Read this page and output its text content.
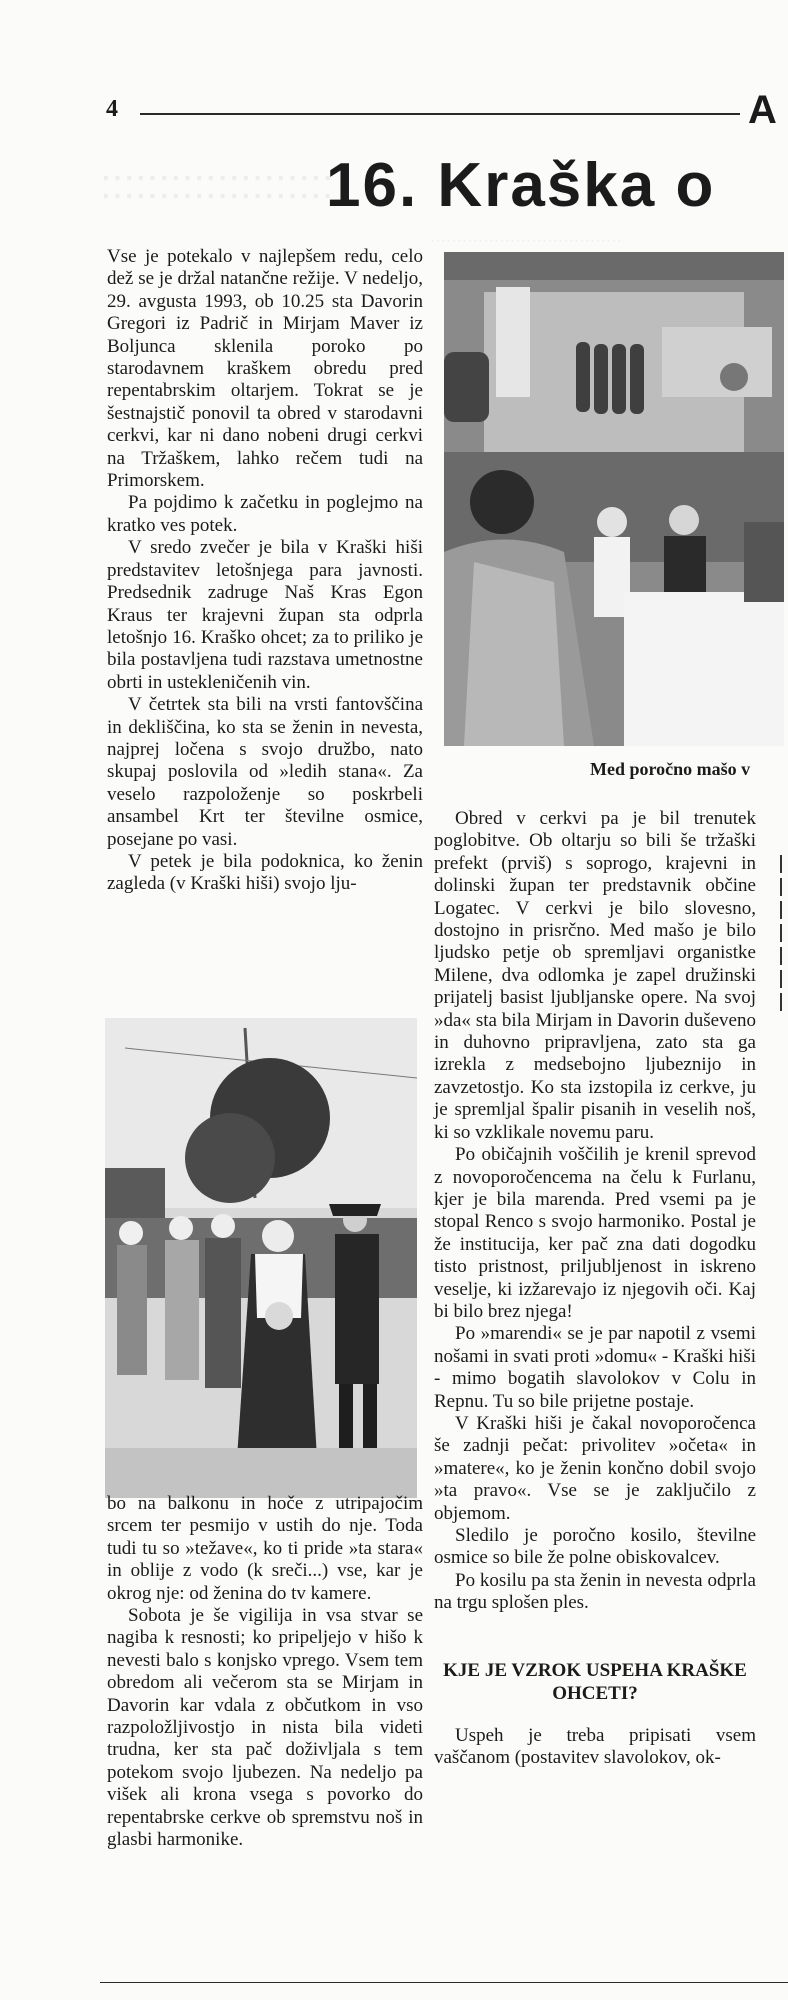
::::::::::::::::::::
····································
4	A
16. Kraška o

Vse je potekalo v najlepšem redu, celo dež se je držal natančne režije. V nedeljo, 29. avgusta 1993, ob 10.25 sta Davorin Gregori iz Padrič in Mirjam Maver iz Boljunca sklenila poroko po starodavnem kraškem obredu pred repentabrskim oltarjem. Tokrat se je šestnajstič ponovil ta obred v starodavni cerkvi, kar ni dano nobeni drugi cerkvi na Tržaškem, lahko rečem tudi na Primorskem.

Pa pojdimo k začetku in poglejmo na kratko ves potek.

V sredo zvečer je bila v Kraški hiši predstavitev letošnjega para javnosti. Predsednik zadruge Naš Kras Egon Kraus ter krajevni župan sta odprla letošnjo 16. Kraško ohcet; za to priliko je bila postavljena tudi razstava umetnostne obrti in ustekleničenih vin.

V četrtek sta bili na vrsti fantovščina in dekliščina, ko sta se ženin in nevesta, najprej ločena s svojo družbo, nato skupaj poslovila od »ledih stana«. Za veselo razpoloženje so poskrbeli ansambel Krt ter številne osmice, posejane po vasi.

V petek je bila podoknica, ko ženin zagleda (v Kraški hiši) svojo lju-

Med poročno mašo v

bo na balkonu in hoče z utripajočim srcem ter pesmijo v ustih do nje. Toda tudi tu so »težave«, ko ti pride »ta stara« in oblije z vodo (k sreči...) vse, kar je okrog nje: od ženina do tv kamere.

Sobota je še vigilija in vsa stvar se nagiba k resnosti; ko pripeljejo v hišo k nevesti balo s konjsko vprego. Vsem tem obredom ali večerom sta se Mirjam in Davorin kar vdala z občutkom in vso razpoložljivostjo in nista bila videti trudna, ker sta pač doživljala s tem potekom svojo ljubezen. Na nedeljo pa višek ali krona vsega s povorko do repentabrske cerkve ob spremstvu noš in glasbi harmonike.

Obred v cerkvi pa je bil trenutek poglobitve. Ob oltarju so bili še tržaški prefekt (prviš) s soprogo, krajevni in dolinski župan ter predstavnik občine Logatec. V cerkvi je bilo slovesno, dostojno in prisrčno. Med mašo je bilo ljudsko petje ob spremljavi organistke Milene, dva odlomka je zapel družinski prijatelj basist ljubljanske opere. Na svoj »da« sta bila Mirjam in Davorin duševeno in duhovno pripravljena, zato sta ga izrekla z medsebojno ljubeznijo in zavzetostjo. Ko sta izstopila iz cerkve, ju je spremljal špalir pisanih in veselih noš, ki so vzklikale novemu paru.

Po običajnih voščilih je krenil sprevod z novoporočencema na čelu k Furlanu, kjer je bila marenda. Pred vsemi pa je stopal Renco s svojo harmoniko. Postal je že institucija, ker pač zna dati dogodku tisto pristnost, priljubljenost in iskreno veselje, ki izžarevajo iz njegovih oči. Kaj bi bilo brez njega!

Po »marendi« se je par napotil z vsemi nošami in svati proti »domu« - Kraški hiši - mimo bogatih slavolokov v Colu in Repnu. Tu so bile prijetne postaje.

V Kraški hiši je čakal novoporočenca še zadnji pečat: privolitev »očeta« in »matere«, ko je ženin končno dobil svojo »ta pravo«. Vse se je zaključilo z objemom.

Sledilo je poročno kosilo, številne osmice so bile že polne obiskovalcev.

Po kosilu pa sta ženin in nevesta odprla na trgu splošen ples.

KJE JE VZROK USPEHA KRAŠKE OHCETI?

Uspeh je treba pripisati vsem vaščanom (postavitev slavolokov, ok-
